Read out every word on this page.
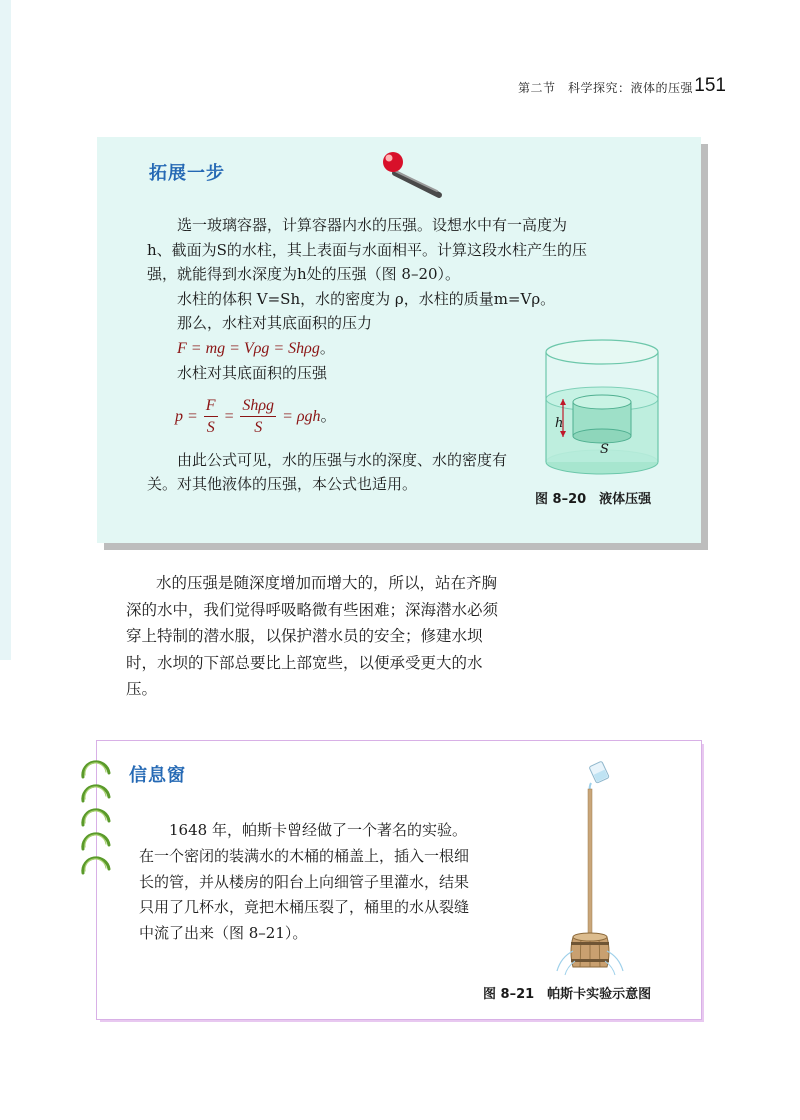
第二节　科学探究：液体的压强 151
拓展一步

选一玻璃容器，计算容器内水的压强。设想水中有一高度为h、截面为S的水柱，其上表面与水面相平。计算这段水柱产生的压强，就能得到水深度为h处的压强（图 8–20）。

水柱的体积 V=Sh，水的密度为 ρ，水柱的质量m=Vρ。

那么，水柱对其底面积的压力

F = mg = Vρg = Shρg。

水柱对其底面积的压强

$p = \frac{F}{S} = \frac{\text{Shρg}}{S} = \rho gh$ 。

由此公式可见，水的压强与水的深度、水的密度有关。对其他液体的压强，本公式也适用。

h
S
图 8–20　液体压强

水的压强是随深度增加而增大的，所以，站在齐胸深的水中，我们觉得呼吸略微有些困难；深海潜水必须穿上特制的潜水服，以保护潜水员的安全；修建水坝时，水坝的下部总要比上部宽些，以便承受更大的水压。

信息窗

1648 年，帕斯卡曾经做了一个著名的实验。在一个密闭的装满水的木桶的桶盖上，插入一根细长的管，并从楼房的阳台上向细管子里灌水，结果只用了几杯水，竟把木桶压裂了，桶里的水从裂缝中流了出来（图 8–21）。

图 8–21　帕斯卡实验示意图
